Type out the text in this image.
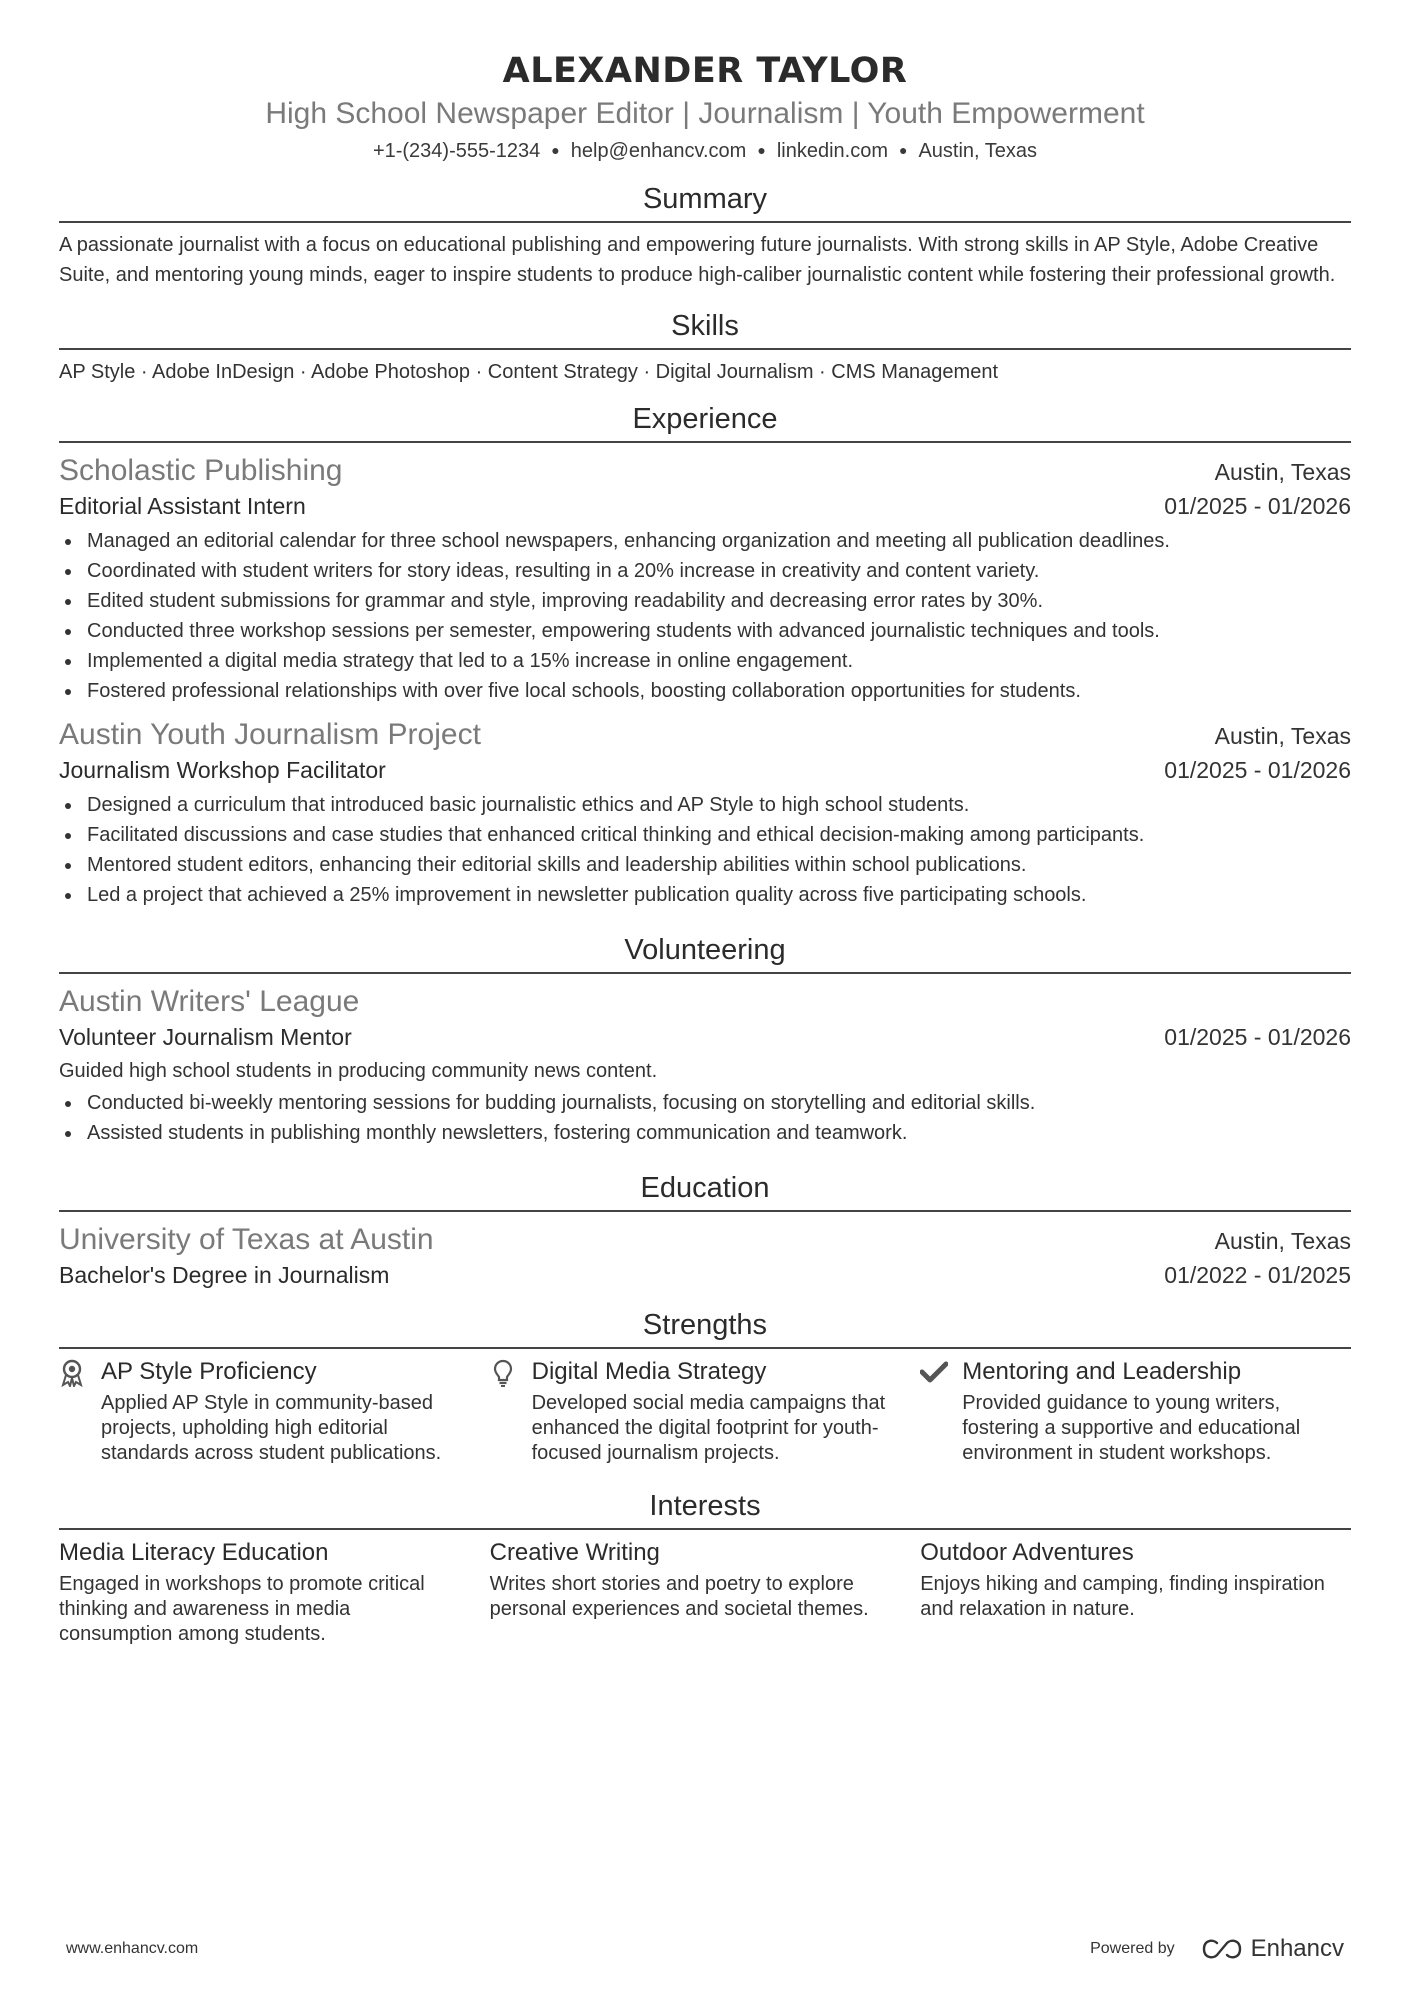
ALEXANDER TAYLOR
High School Newspaper Editor | Journalism | Youth Empowerment
+1-(234)-555-1234 ● help@enhancv.com ● linkedin.com ● Austin, Texas
Summary

A passionate journalist with a focus on educational publishing and empowering future journalists. With strong skills in AP Style, Adobe Creative Suite, and mentoring young minds, eager to inspire students to produce high-caliber journalistic content while fostering their professional growth.

Skills
AP Style · Adobe InDesign · Adobe Photoshop · Content Strategy · Digital Journalism · CMS Management
Experience
Scholastic Publishing	Austin, Texas
Editorial Assistant Intern	01/2025 - 01/2026
Managed an editorial calendar for three school newspapers, enhancing organization and meeting all publication deadlines.
Coordinated with student writers for story ideas, resulting in a 20% increase in creativity and content variety.
Edited student submissions for grammar and style, improving readability and decreasing error rates by 30%.
Conducted three workshop sessions per semester, empowering students with advanced journalistic techniques and tools.
Implemented a digital media strategy that led to a 15% increase in online engagement.
Fostered professional relationships with over five local schools, boosting collaboration opportunities for students.
Austin Youth Journalism Project	Austin, Texas
Journalism Workshop Facilitator	01/2025 - 01/2026
Designed a curriculum that introduced basic journalistic ethics and AP Style to high school students.
Facilitated discussions and case studies that enhanced critical thinking and ethical decision-making among participants.
Mentored student editors, enhancing their editorial skills and leadership abilities within school publications.
Led a project that achieved a 25% improvement in newsletter publication quality across five participating schools.
Volunteering
Austin Writers' League
Volunteer Journalism Mentor	01/2025 - 01/2026
Guided high school students in producing community news content.
Conducted bi-weekly mentoring sessions for budding journalists, focusing on storytelling and editorial skills.
Assisted students in publishing monthly newsletters, fostering communication and teamwork.
Education
University of Texas at Austin	Austin, Texas
Bachelor's Degree in Journalism	01/2022 - 01/2025
Strengths
AP Style Proficiency
Applied AP Style in community-based projects, upholding high editorial standards across student publications.
Digital Media Strategy
Developed social media campaigns that enhanced the digital footprint for youth-focused journalism projects.
Mentoring and Leadership
Provided guidance to young writers, fostering a supportive and educational environment in student workshops.
Interests
Media Literacy Education
Engaged in workshops to promote critical thinking and awareness in media consumption among students.
Creative Writing
Writes short stories and poetry to explore personal experiences and societal themes.
Outdoor Adventures
Enjoys hiking and camping, finding inspiration and relaxation in nature.
www.enhancv.com	Powered by	Enhancv
